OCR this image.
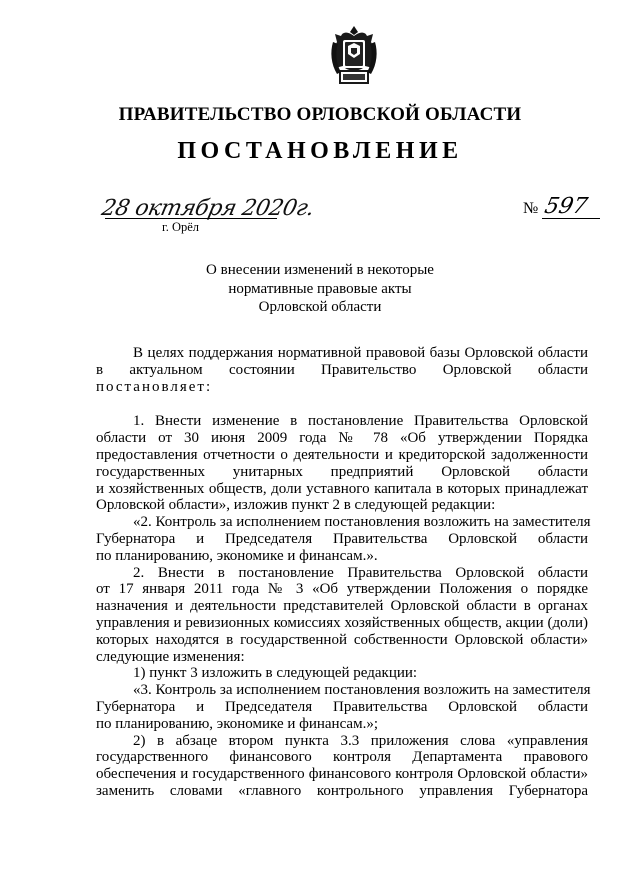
ПРАВИТЕЛЬСТВО ОРЛОВСКОЙ ОБЛАСТИ
ПОСТАНОВЛЕНИЕ
28 октября 2020г.	№ 597
г. Орёл
О внесении изменений в некоторые
нормативные правовые акты
Орловской области

В целях поддержания нормативной правовой базы Орловской области
в актуальном состоянии Правительство Орловской области
постановляет:

1. Внести изменение в постановление Правительства Орловской
области от 30 июня 2009 года № 78 «Об утверждении Порядка
предоставления отчетности о деятельности и кредиторской задолженности
государственных унитарных предприятий Орловской области
и хозяйственных обществ, доли уставного капитала в которых принадлежат
Орловской области», изложив пункт 2 в следующей редакции:

«2. Контроль за исполнением постановления возложить на заместителя
Губернатора и Председателя Правительства Орловской области
по планированию, экономике и финансам.».

2. Внести в постановление Правительства Орловской области
от 17 января 2011 года № 3 «Об утверждении Положения о порядке
назначения и деятельности представителей Орловской области в органах
управления и ревизионных комиссиях хозяйственных обществ, акции (доли)
которых находятся в государственной собственности Орловской области»
следующие изменения:

1) пункт 3 изложить в следующей редакции:

«3. Контроль за исполнением постановления возложить на заместителя
Губернатора и Председателя Правительства Орловской области
по планированию, экономике и финансам.»;

2) в абзаце втором пункта 3.3 приложения слова «управления
государственного финансового контроля Департамента правового
обеспечения и государственного финансового контроля Орловской области»
заменить словами «главного контрольного управления Губернатора
